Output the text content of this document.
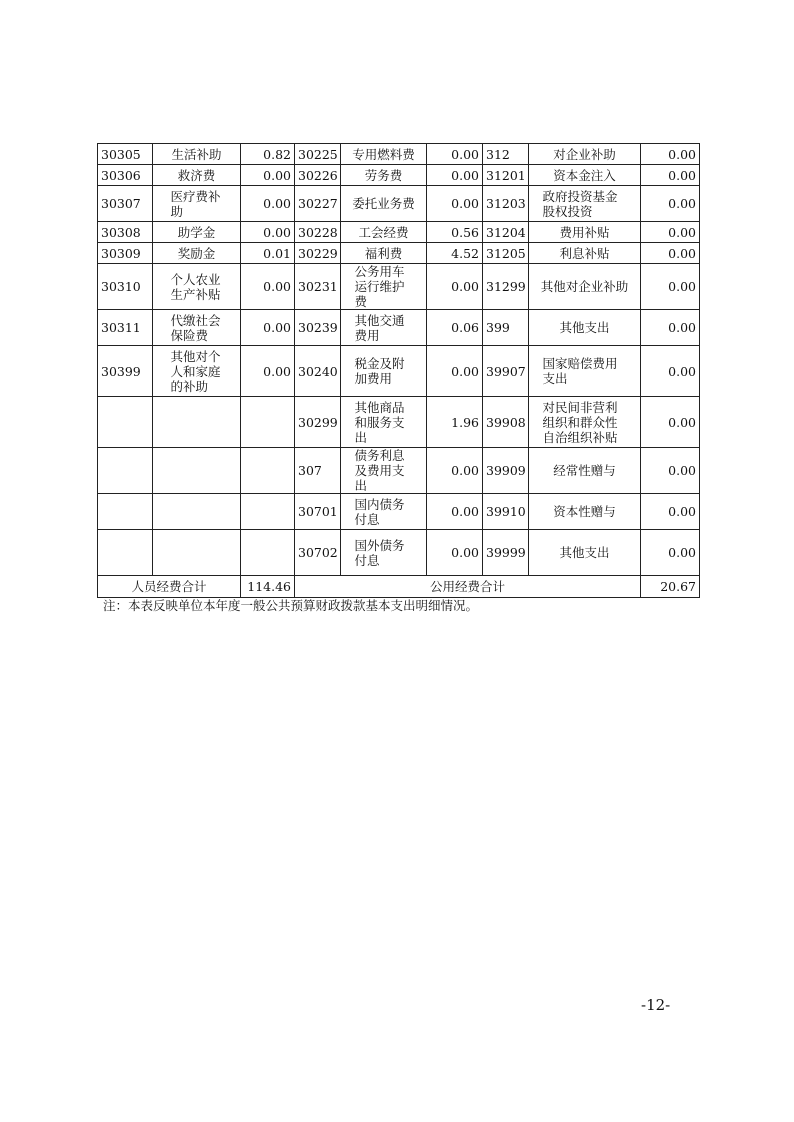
30305	生活补助	0.82	30225	专用燃料费	0.00	312	对企业补助	0.00
30306	救济费	0.00	30226	劳务费	0.00	31201	资本金注入	0.00
30307	医疗费补助	0.00	30227	委托业务费	0.00	31203	政府投资基金股权投资	0.00
30308	助学金	0.00	30228	工会经费	0.56	31204	费用补贴	0.00
30309	奖励金	0.01	30229	福利费	4.52	31205	利息补贴	0.00
30310	个人农业生产补贴	0.00	30231	公务用车运行维护费	0.00	31299	其他对企业补助	0.00
30311	代缴社会保险费	0.00	30239	其他交通费用	0.06	399	其他支出	0.00
30399	其他对个人和家庭的补助	0.00	30240	税金及附加费用	0.00	39907	国家赔偿费用支出	0.00
			30299	其他商品和服务支出	1.96	39908	对民间非营利组织和群众性自治组织补贴	0.00
			307	债务利息及费用支出	0.00	39909	经常性赠与	0.00
			30701	国内债务付息	0.00	39910	资本性赠与	0.00
			30702	国外债务付息	0.00	39999	其他支出	0.00
人员经费合计		114.46	公用经费合计					20.67
注：本表反映单位本年度一般公共预算财政拨款基本支出明细情况。
-12-
